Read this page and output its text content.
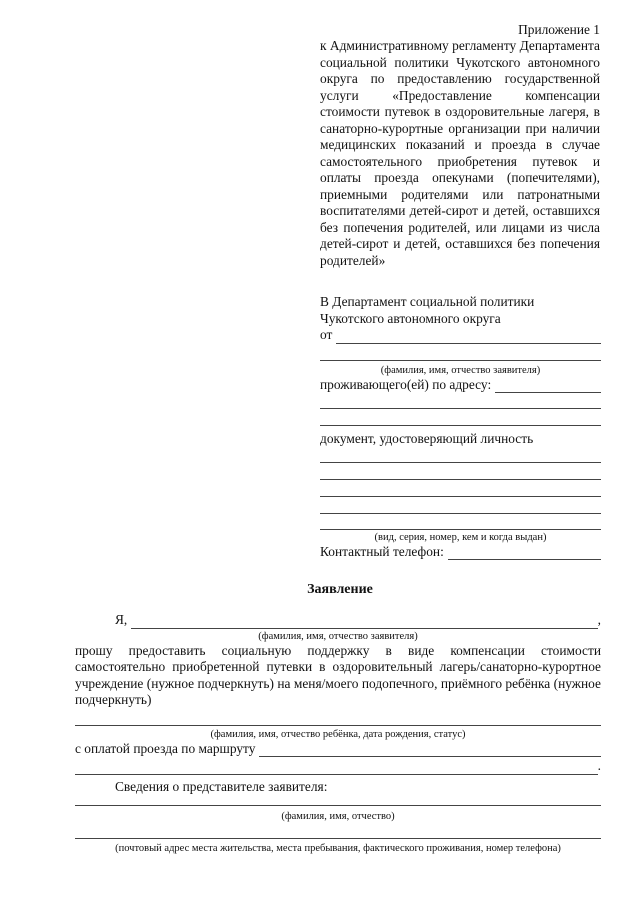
Приложение 1
к Административному регламенту Департамента социальной политики Чукотского автономного округа по предоставлению государственной услуги «Предоставление компенсации стоимости путевок в оздоровительные лагеря, в санаторно-курортные организации при наличии медицинских показаний и проезда в случае самостоятельного приобретения путевок и оплаты проезда опекунами (попечителями), приемными родителями или патронатными воспитателями детей-сирот и детей, оставшихся без попечения родителей, или лицами из числа детей-сирот и детей, оставшихся без попечения родителей»
В Департамент социальной политики
Чукотского автономного округа
от
(фамилия, имя, отчество заявителя)
проживающего(ей) по адресу:
документ, удостоверяющий личность
(вид, серия, номер, кем и когда выдан)
Контактный телефон:
Заявление
Я,	,
(фамилия, имя, отчество заявителя)
прошу предоставить социальную поддержку в виде компенсации стоимости самостоятельно приобретенной путевки в оздоровительный лагерь/санаторно-курортное учреждение (нужное подчеркнуть) на меня/моего подопечного, приёмного ребёнка (нужное подчеркнуть)
(фамилия, имя, отчество ребёнка, дата рождения, статус)
с оплатой проезда по маршруту
.
Сведения о представителе заявителя:
(фамилия, имя, отчество)
(почтовый адрес места жительства, места пребывания, фактического проживания, номер телефона)
